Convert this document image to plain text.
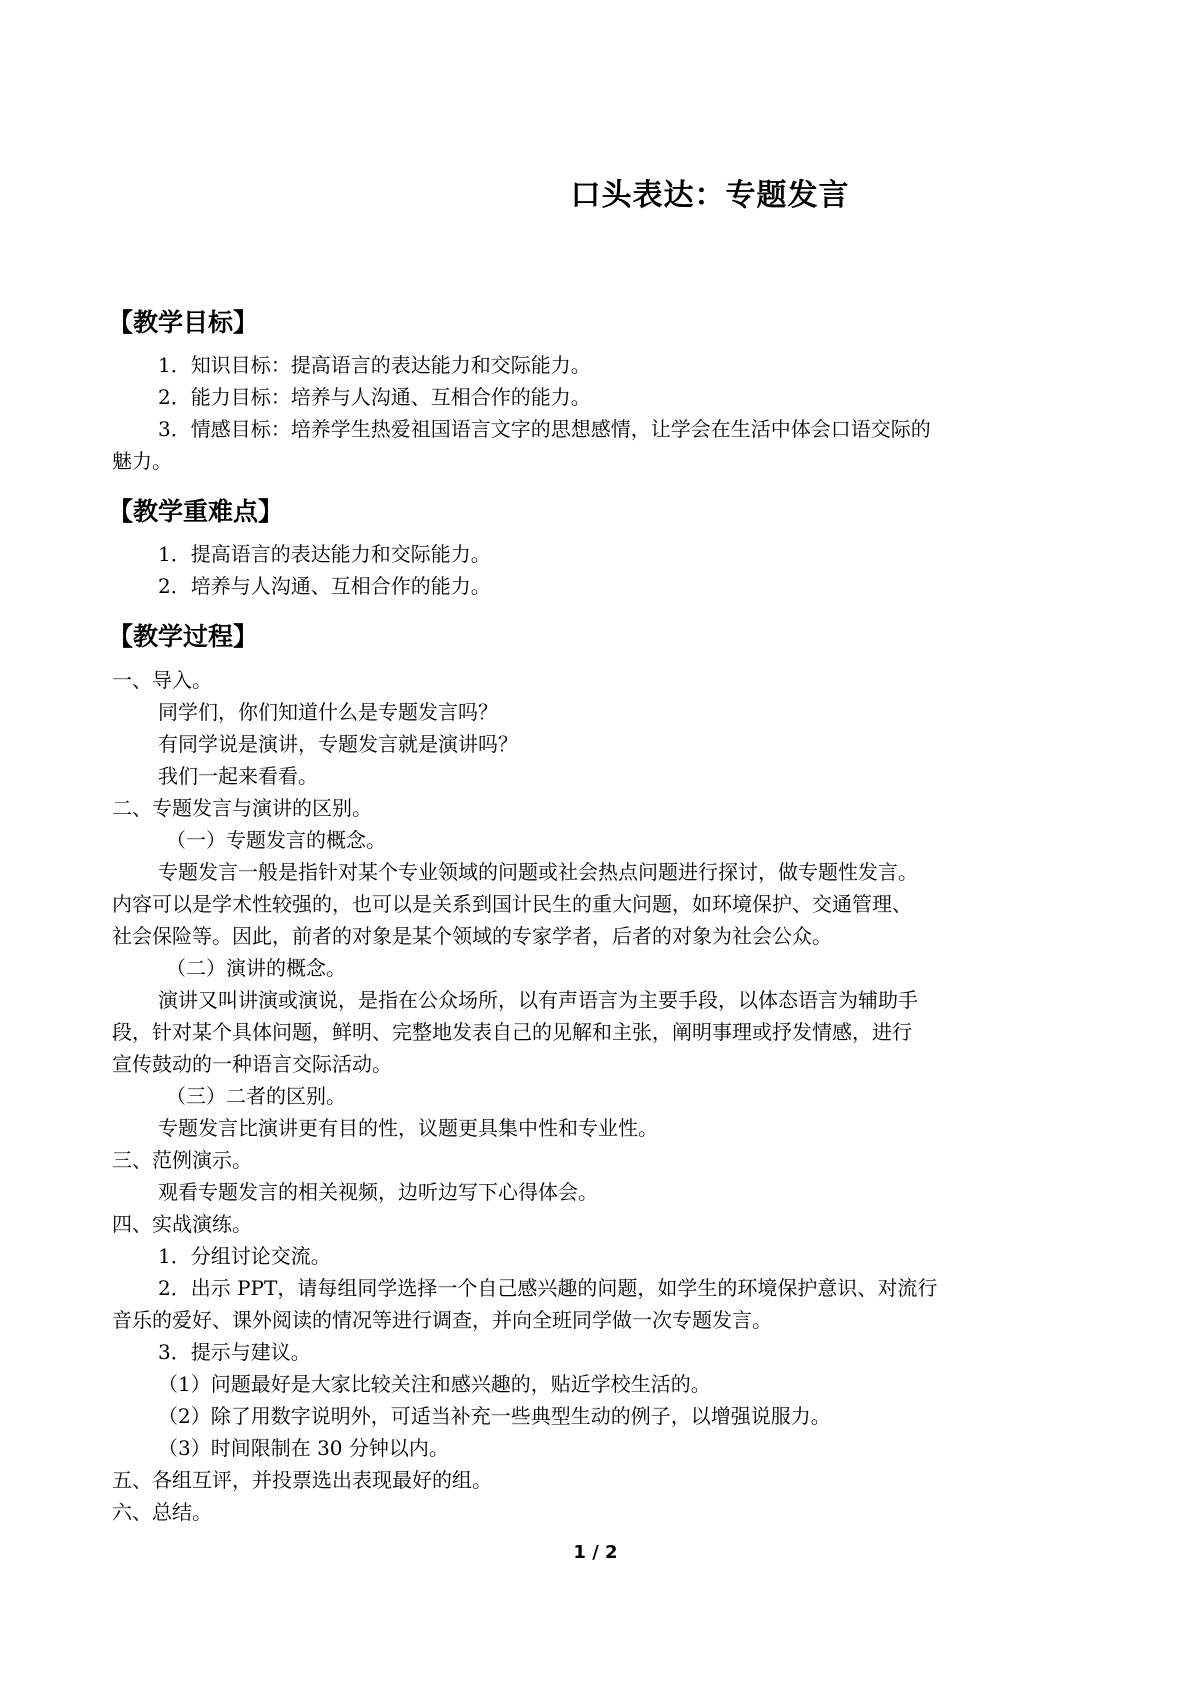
口头表达：专题发言
【教学目标】
1．知识目标：提高语言的表达能力和交际能力。
2．能力目标：培养与人沟通、互相合作的能力。
3．情感目标：培养学生热爱祖国语言文字的思想感情，让学会在生活中体会口语交际的
魅力。
【教学重难点】
1．提高语言的表达能力和交际能力。
2．培养与人沟通、互相合作的能力。
【教学过程】
一、导入。
同学们，你们知道什么是专题发言吗？
有同学说是演讲，专题发言就是演讲吗？
我们一起来看看。
二、专题发言与演讲的区别。
（一）专题发言的概念。
专题发言一般是指针对某个专业领域的问题或社会热点问题进行探讨，做专题性发言。
内容可以是学术性较强的，也可以是关系到国计民生的重大问题，如环境保护、交通管理、
社会保险等。因此，前者的对象是某个领域的专家学者，后者的对象为社会公众。
（二）演讲的概念。
演讲又叫讲演或演说，是指在公众场所，以有声语言为主要手段，以体态语言为辅助手
段，针对某个具体问题，鲜明、完整地发表自己的见解和主张，阐明事理或抒发情感，进行
宣传鼓动的一种语言交际活动。
（三）二者的区别。
专题发言比演讲更有目的性，议题更具集中性和专业性。
三、范例演示。
观看专题发言的相关视频，边听边写下心得体会。
四、实战演练。
1．分组讨论交流。
2．出示 PPT，请每组同学选择一个自己感兴趣的问题，如学生的环境保护意识、对流行
音乐的爱好、课外阅读的情况等进行调查，并向全班同学做一次专题发言。
3．提示与建议。
（1）问题最好是大家比较关注和感兴趣的，贴近学校生活的。
（2）除了用数字说明外，可适当补充一些典型生动的例子，以增强说服力。
（3）时间限制在 30 分钟以内。
五、各组互评，并投票选出表现最好的组。
六、总结。
1 / 2
